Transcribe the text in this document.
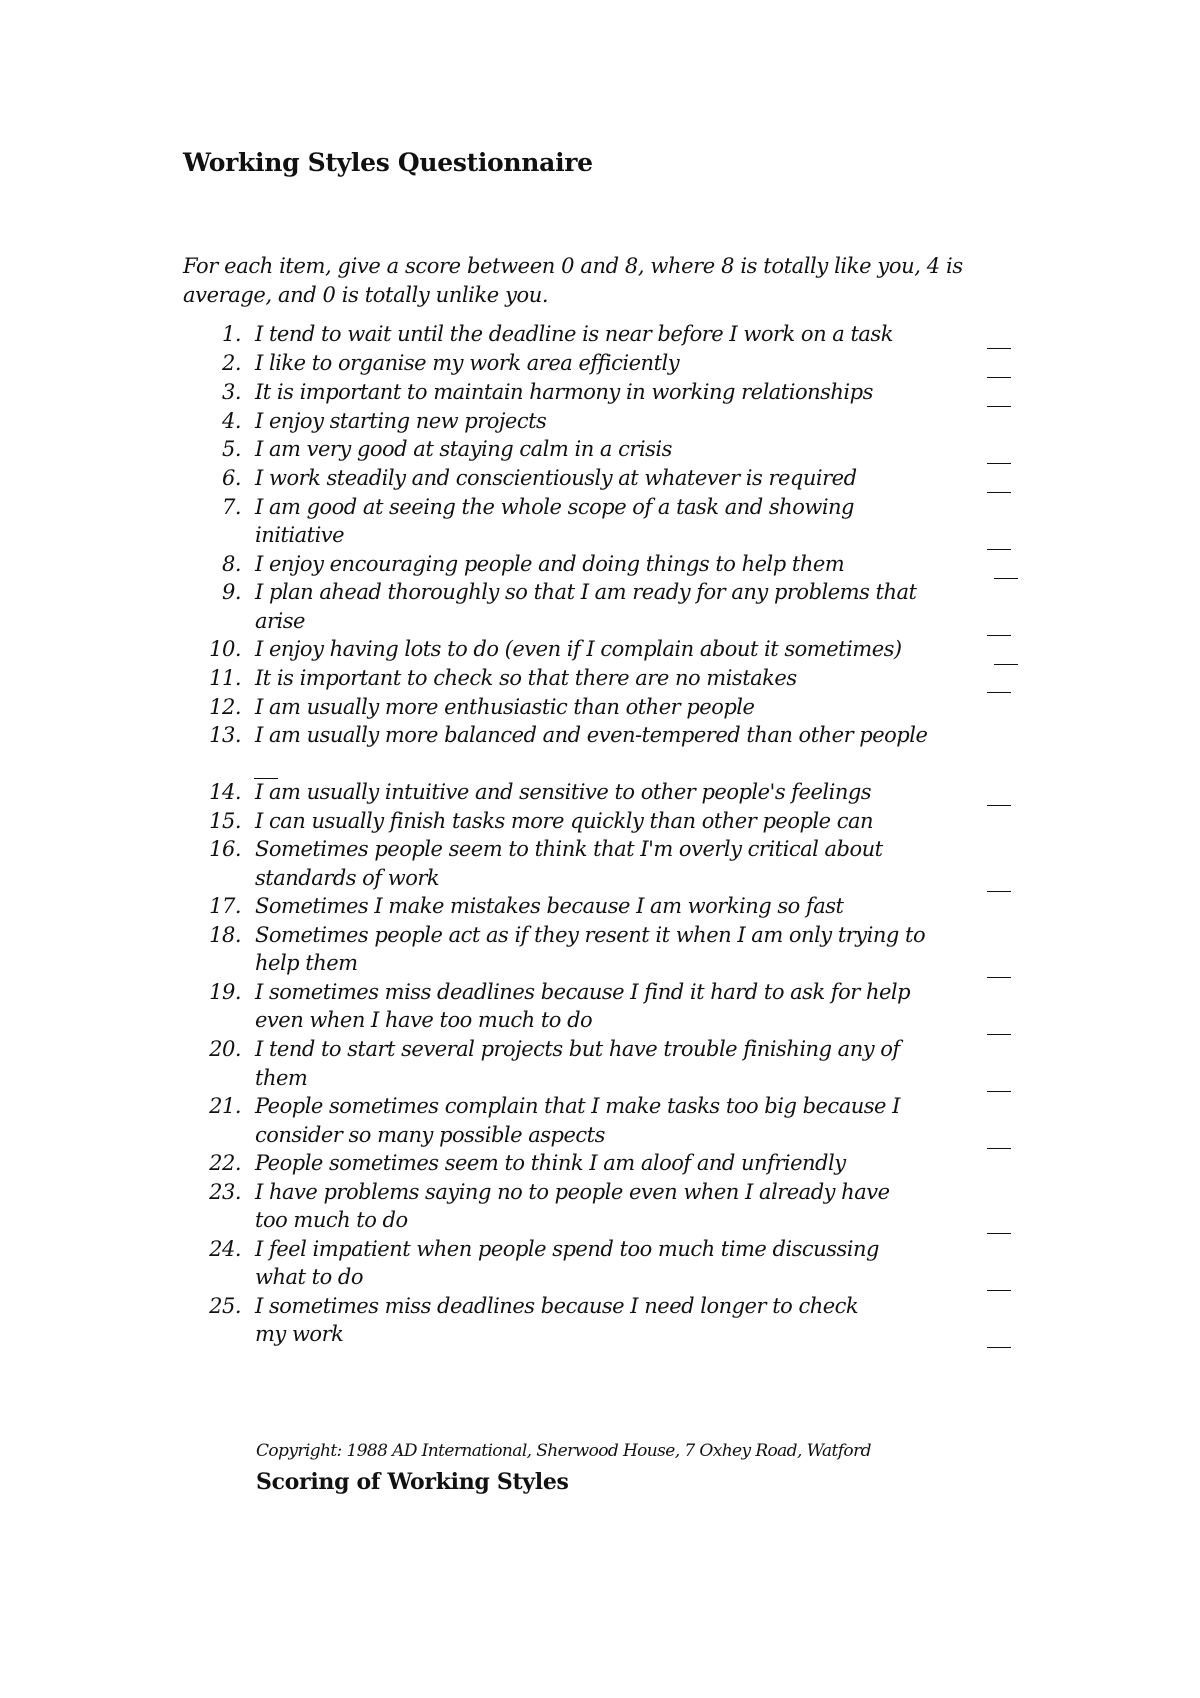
Working Styles Questionnaire
For each item, give a score between 0 and 8, where 8 is totally like you, 4 is average, and 0 is totally unlike you.
1. I tend to wait until the deadline is near before I work on a task
2. I like to organise my work area efficiently
3. It is important to maintain harmony in working relationships
4. I enjoy starting new projects
5. I am very good at staying calm in a crisis
6. I work steadily and conscientiously at whatever is required
7. I am good at seeing the whole scope of a task and showing
initiative
8. I enjoy encouraging people and doing things to help them
9. I plan ahead thoroughly so that I am ready for any problems that
arise
10. I enjoy having lots to do (even if I complain about it sometimes)
11. It is important to check so that there are no mistakes
12. I am usually more enthusiastic than other people
13. I am usually more balanced and even-tempered than other people
14. I am usually intuitive and sensitive to other people's feelings
15. I can usually finish tasks more quickly than other people can
16. Sometimes people seem to think that I'm overly critical about
standards of work
17. Sometimes I make mistakes because I am working so fast
18. Sometimes people act as if they resent it when I am only trying to
help them
19. I sometimes miss deadlines because I find it hard to ask for help
even when I have too much to do
20. I tend to start several projects but have trouble finishing any of
them
21. People sometimes complain that I make tasks too big because I
consider so many possible aspects
22. People sometimes seem to think I am aloof and unfriendly
23. I have problems saying no to people even when I already have
too much to do
24. I feel impatient when people spend too much time discussing
what to do
25. I sometimes miss deadlines because I need longer to check
my work
Copyright: 1988 AD International, Sherwood House, 7 Oxhey Road, Watford
Scoring of Working Styles
